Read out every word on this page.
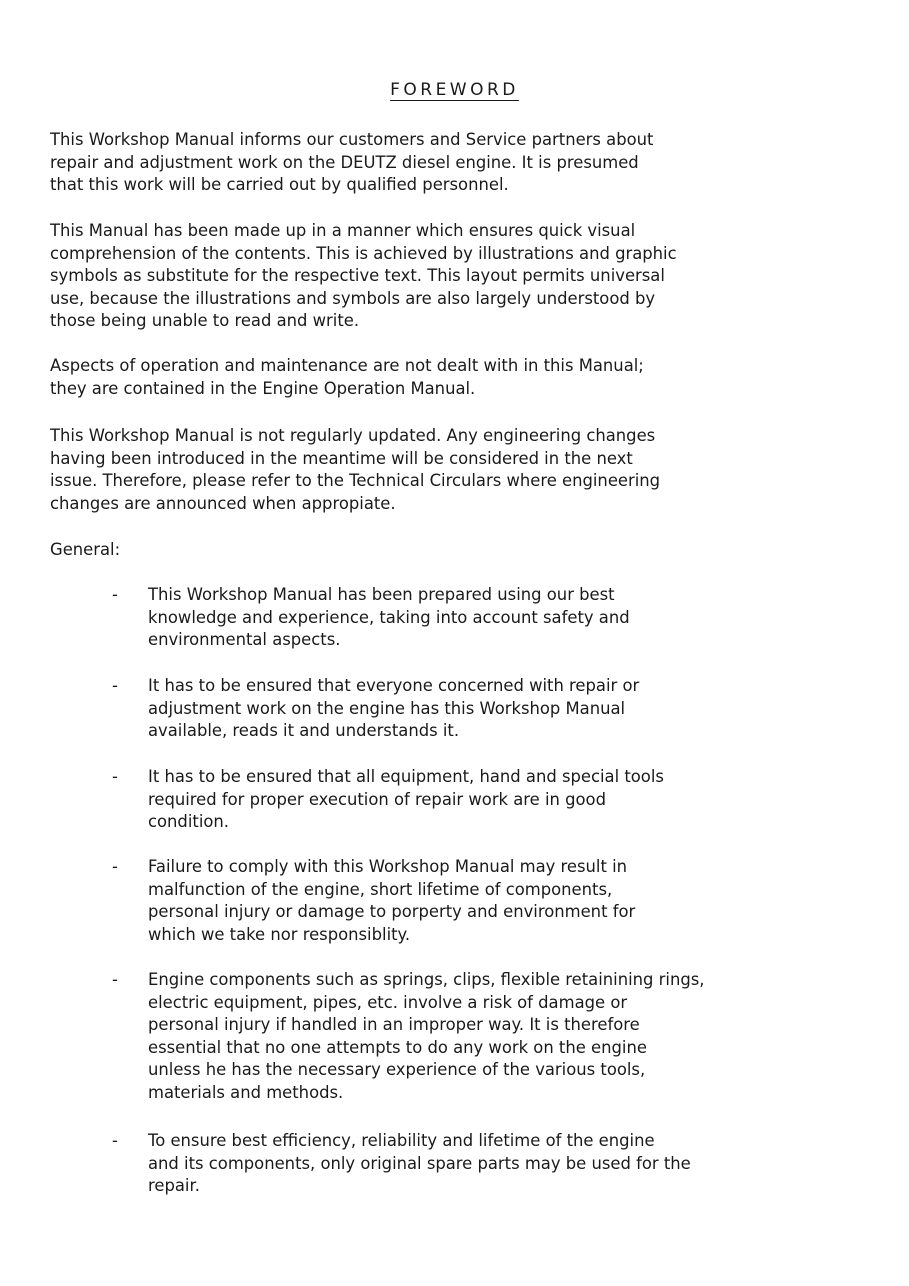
FOREWORD
This Workshop Manual informs our customers and Service partners about
repair and adjustment work on the DEUTZ diesel engine. It is presumed
that this work will be carried out by qualified personnel.
This Manual has been made up in a manner which ensures quick visual
comprehension of the contents. This is achieved by illustrations and graphic
symbols as substitute for the respective text. This layout permits universal
use, because the illustrations and symbols are also largely understood by
those being unable to read and write.
Aspects of operation and maintenance are not dealt with in this Manual;
they are contained in the Engine Operation Manual.
This Workshop Manual is not regularly updated. Any engineering changes
having been introduced in the meantime will be considered in the next
issue. Therefore, please refer to the Technical Circulars where engineering
changes are announced when appropiate.
General:
- This Workshop Manual has been prepared using our best
knowledge and experience, taking into account safety and
environmental aspects.
- It has to be ensured that everyone concerned with repair or
adjustment work on the engine has this Workshop Manual
available, reads it and understands it.
- It has to be ensured that all equipment, hand and special tools
required for proper execution of repair work are in good
condition.
- Failure to comply with this Workshop Manual may result in
malfunction of the engine, short lifetime of components,
personal injury or damage to porperty and environment for
which we take nor responsiblity.
- Engine components such as springs, clips, flexible retainining rings,
electric equipment, pipes, etc. involve a risk of damage or
personal injury if handled in an improper way. It is therefore
essential that no one attempts to do any work on the engine
unless he has the necessary experience of the various tools,
materials and methods.
- To ensure best efficiency, reliability and lifetime of the engine
and its components, only original spare parts may be used for the
repair.
